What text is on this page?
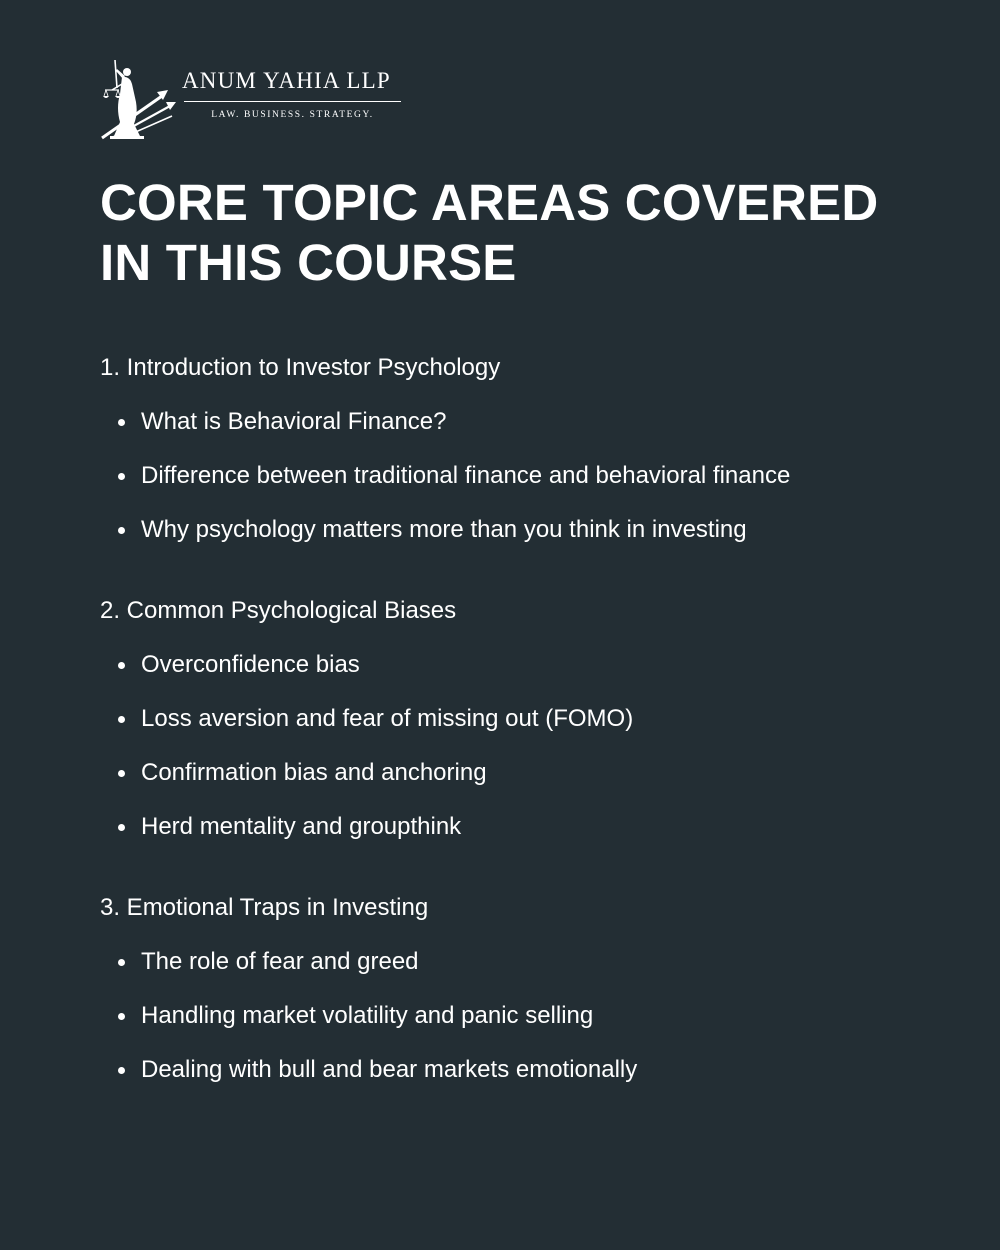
ANUM YAHIA LLP
LAW. BUSINESS. STRATEGY.
CORE TOPIC AREAS COVERED
IN THIS COURSE
1. Introduction to Investor Psychology
What is Behavioral Finance?
Difference between traditional finance and behavioral finance
Why psychology matters more than you think in investing
2. Common Psychological Biases
Overconfidence bias
Loss aversion and fear of missing out (FOMO)
Confirmation bias and anchoring
Herd mentality and groupthink
3. Emotional Traps in Investing
The role of fear and greed
Handling market volatility and panic selling
Dealing with bull and bear markets emotionally
